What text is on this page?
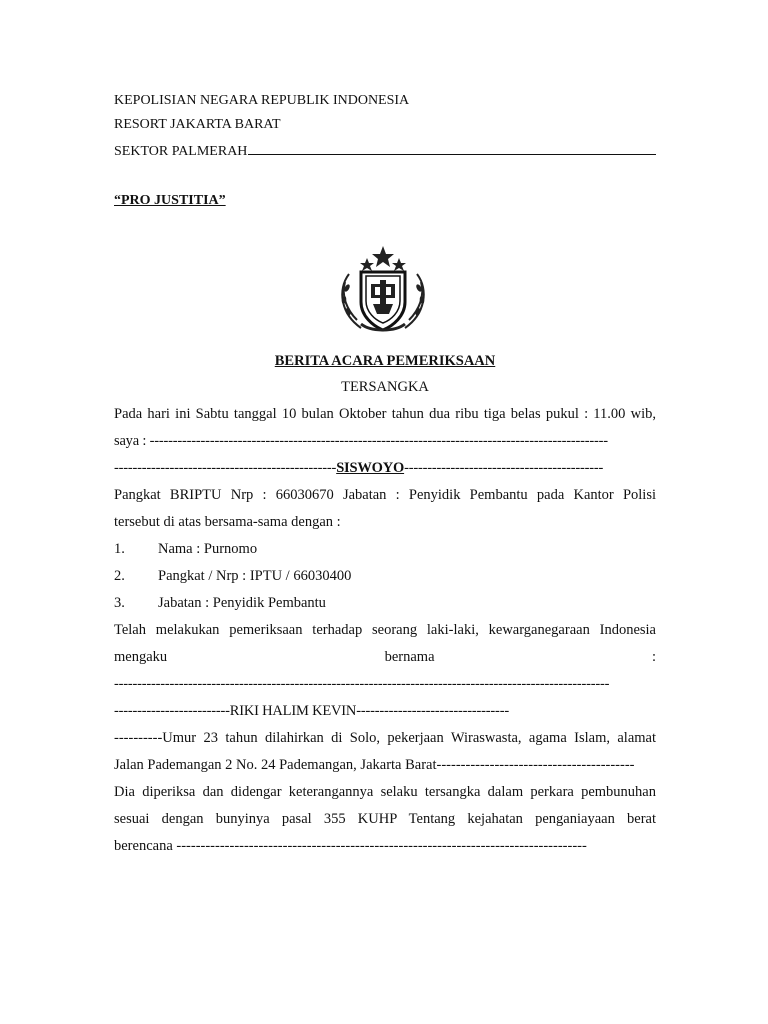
KEPOLISIAN NEGARA REPUBLIK INDONESIA
RESORT JAKARTA BARAT
SEKTOR PALMERAH
“PRO JUSTITIA”
BERITA ACARA PEMERIKSAAN
TERSANGKA
Pada hari ini Sabtu tanggal 10 bulan Oktober tahun dua ribu tiga belas pukul : 11.00 wib,
saya : ---------------------------------------------------------------------------------------------------
------------------------------------------------SISWOYO-------------------------------------------
Pangkat BRIPTU Nrp : 66030670 Jabatan : Penyidik Pembantu pada Kantor Polisi
tersebut di atas bersama-sama dengan :
1. Nama : Purnomo
2. Pangkat / Nrp : IPTU / 66030400
3. Jabatan : Penyidik Pembantu
Telah melakukan pemeriksaan terhadap seorang laki-laki, kewarganegaraan Indonesia
mengaku	bernama	:
-----------------------------------------------------------------------------------------------------------
-------------------------RIKI HALIM KEVIN---------------------------------
----------Umur 23 tahun dilahirkan di Solo, pekerjaan Wiraswasta, agama Islam, alamat
Jalan Pademangan 2 No. 24 Pademangan, Jakarta Barat-----------------------------------------
Dia diperiksa dan didengar keterangannya selaku tersangka dalam perkara pembunuhan
sesuai dengan bunyinya pasal 355 KUHP Tentang kejahatan penganiayaan berat
berencana -------------------------------------------------------------------------------------
